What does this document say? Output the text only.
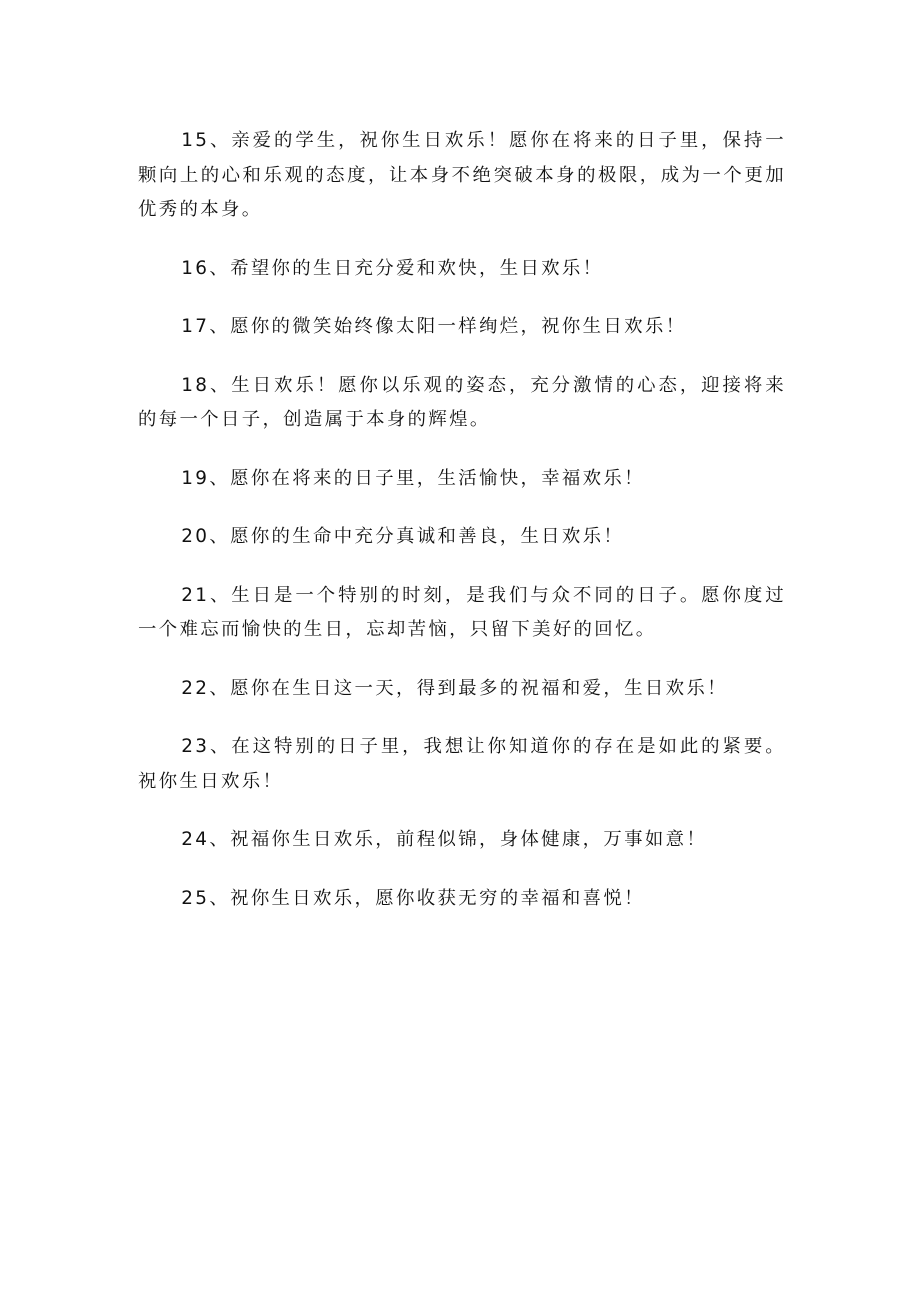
15、亲爱的学生，祝你生日欢乐！愿你在将来的日子里，保持一颗向上的心和乐观的态度，让本身不绝突破本身的极限，成为一个更加优秀的本身。

16、希望你的生日充分爱和欢快，生日欢乐！

17、愿你的微笑始终像太阳一样绚烂，祝你生日欢乐！

18、生日欢乐！愿你以乐观的姿态，充分激情的心态，迎接将来的每一个日子，创造属于本身的辉煌。

19、愿你在将来的日子里，生活愉快，幸福欢乐！

20、愿你的生命中充分真诚和善良，生日欢乐！

21、生日是一个特别的时刻，是我们与众不同的日子。愿你度过一个难忘而愉快的生日，忘却苦恼，只留下美好的回忆。

22、愿你在生日这一天，得到最多的祝福和爱，生日欢乐！

23、在这特别的日子里，我想让你知道你的存在是如此的紧要。祝你生日欢乐！

24、祝福你生日欢乐，前程似锦，身体健康，万事如意！

25、祝你生日欢乐，愿你收获无穷的幸福和喜悦！
